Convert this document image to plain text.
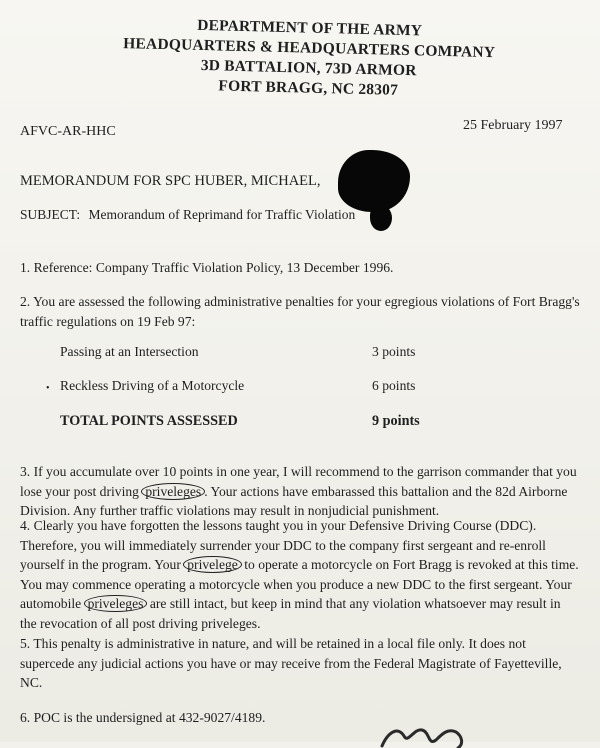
DEPARTMENT OF THE ARMY
HEADQUARTERS & HEADQUARTERS COMPANY
3D BATTALION, 73D ARMOR
FORT BRAGG, NC 28307
AFVC-AR-HHC	25 February 1997
MEMORANDUM FOR SPC HUBER, MICHAEL,
SUBJECT: Memorandum of Reprimand for Traffic Violation
1. Reference: Company Traffic Violation Policy, 13 December 1996.
2. You are assessed the following administrative penalties for your egregious violations of Fort Bragg's traffic regulations on 19 Feb 97:
•
Passing at an Intersection	3 points
Reckless Driving of a Motorcycle	6 points
TOTAL POINTS ASSESSED	9 points
3. If you accumulate over 10 points in one year, I will recommend to the garrison commander that you lose your post driving priveleges . Your actions have embarassed this battalion and the 82d Airborne Division. Any further traffic violations may result in nonjudicial punishment.
4. Clearly you have forgotten the lessons taught you in your Defensive Driving Course (DDC). Therefore, you will immediately surrender your DDC to the company first sergeant and re-enroll yourself in the program. Your privelege to operate a motorcycle on Fort Bragg is revoked at this time. You may commence operating a motorcycle when you produce a new DDC to the first sergeant. Your automobile priveleges are still intact, but keep in mind that any violation whatsoever may result in the revocation of all post driving priveleges.
5. This penalty is administrative in nature, and will be retained in a local file only. It does not supercede any judicial actions you have or may receive from the Federal Magistrate of Fayetteville, NC.
6. POC is the undersigned at 432-9027/4189.
